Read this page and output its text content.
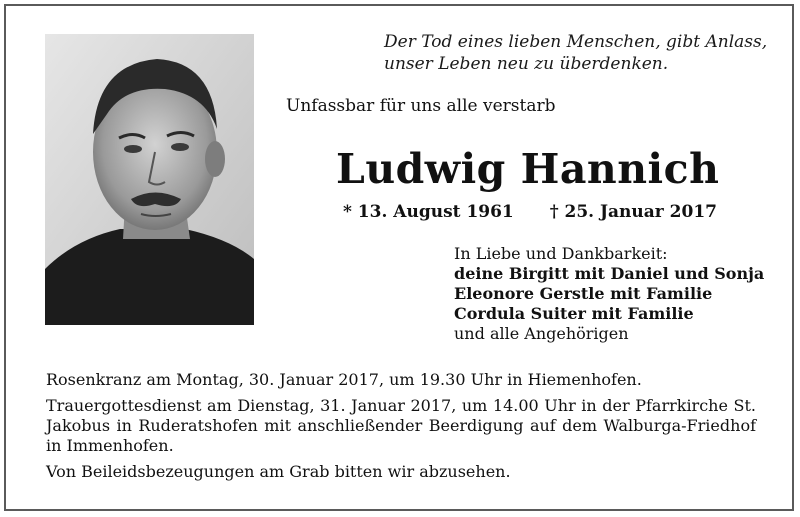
Der Tod eines lieben Menschen, gibt Anlass,
unser Leben neu zu überdenken.
Unfassbar für uns alle verstarb
Ludwig Hannich
* 13. August 1961 † 25. Januar 2017
In Liebe und Dankbarkeit:
deine Birgitt mit Daniel und Sonja
Eleonore Gerstle mit Familie
Cordula Suiter mit Familie
und alle Angehörigen

Rosenkranz am Montag, 30. Januar 2017, um 19.30 Uhr in Hiemenhofen.

Trauergottesdienst am Dienstag, 31. Januar 2017, um 14.00 Uhr in der Pfarrkirche St. Jakobus in Ruderatshofen mit anschließender Beerdigung auf dem Walburga-Friedhof in Immenhofen.

Von Beileidsbezeugungen am Grab bitten wir abzusehen.
